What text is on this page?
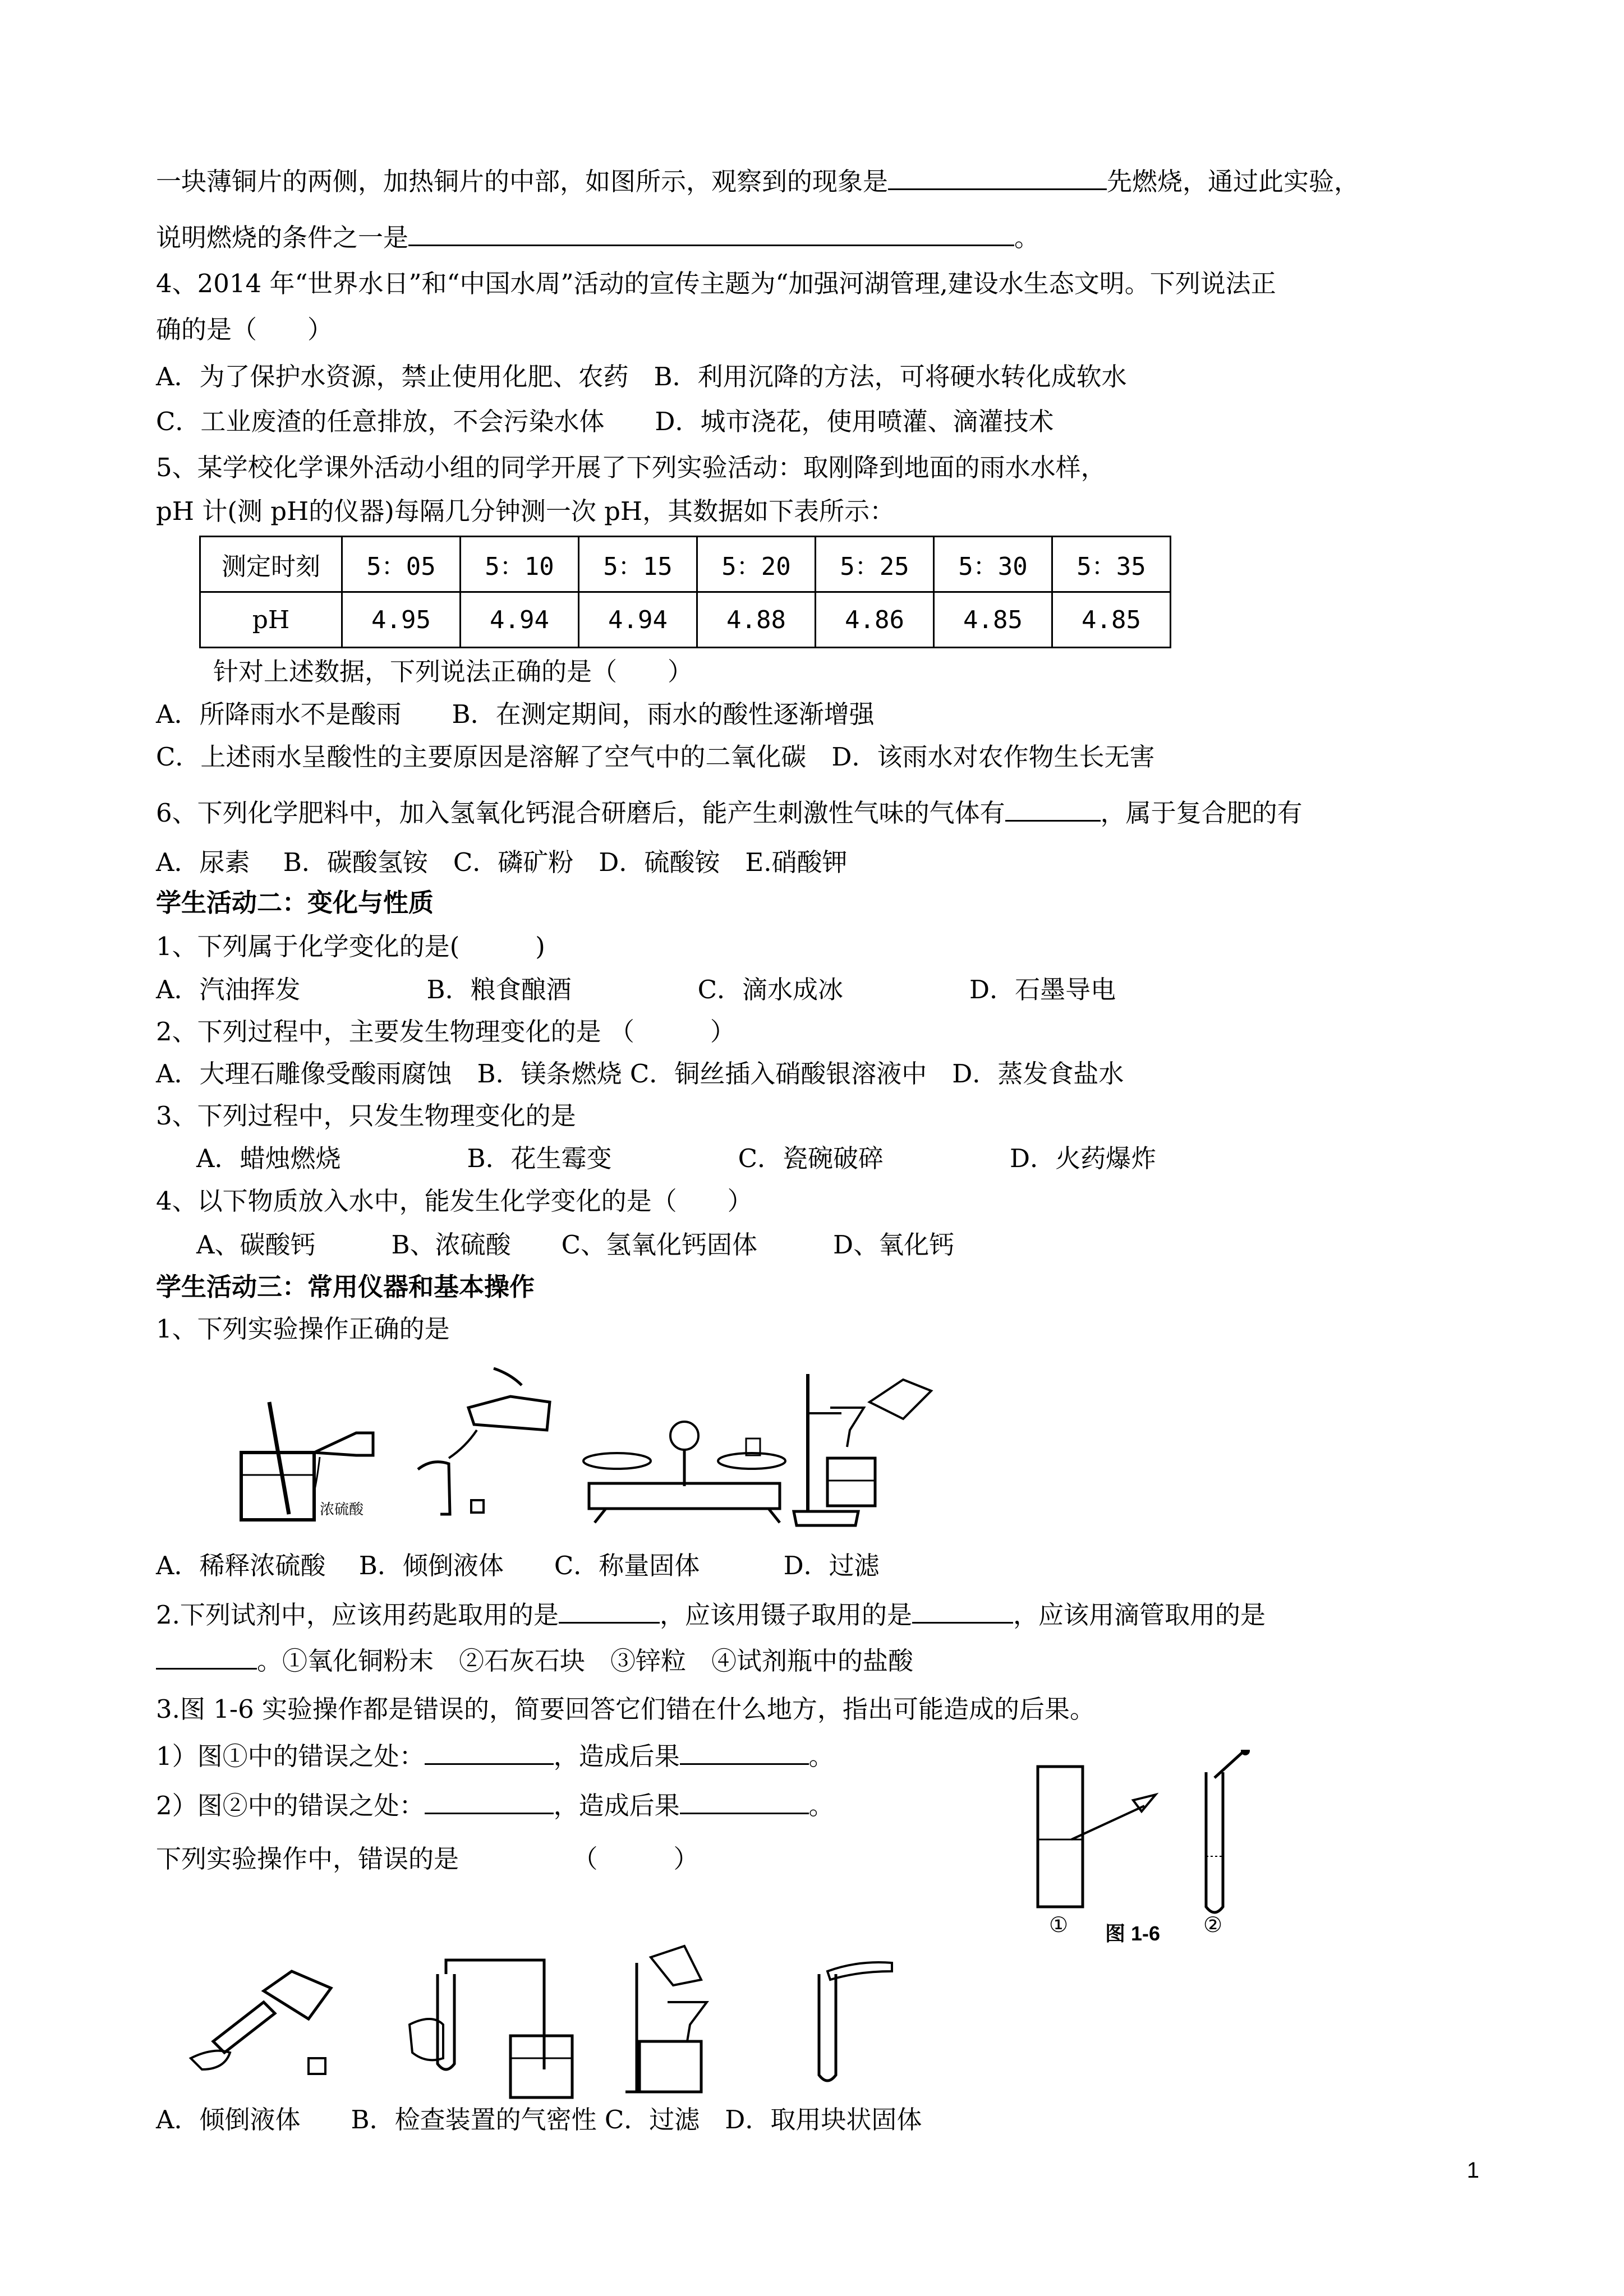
一块薄铜片的两侧，加热铜片的中部，如图所示，观察到的现象是	先燃烧，通过此实验，
说明燃烧的条件之一是	。
4、2014 年“世界水日”和“中国水周”活动的宣传主题为“加强河湖管理,建设水生态文明。下列说法正
确的是（　　）
A．为了保护水资源，禁止使用化肥、农药　B．利用沉降的方法，可将硬水转化成软水
C．工业废渣的任意排放，不会污染水体　　D．城市浇花，使用喷灌、滴灌技术
5、某学校化学课外活动小组的同学开展了下列实验活动：取刚降到地面的雨水水样，
pH 计(测 pH的仪器)每隔几分钟测一次 pH，其数据如下表所示：
测定时刻	5：05	5：10	5：15	5：20	5：25	5：30	5：35
pH	4.95	4.94	4.94	4.88	4.86	4.85	4.85
针对上述数据，下列说法正确的是（　　）
A．所降雨水不是酸雨　　B．在测定期间，雨水的酸性逐渐增强
C．上述雨水呈酸性的主要原因是溶解了空气中的二氧化碳　D．该雨水对农作物生长无害
6、下列化学肥料中，加入氢氧化钙混合研磨后，能产生刺激性气味的气体有	，属于复合肥的有
A．尿素　 B．碳酸氢铵　C．磷矿粉　D．硫酸铵　E.硝酸钾
学生活动二：变化与性质
1、下列属于化学变化的是(　　　)
A．汽油挥发　　　　　B．粮食酿酒　　　　　C．滴水成冰　　　　　D．石墨导电
2、下列过程中，主要发生物理变化的是 （　　　）
A．大理石雕像受酸雨腐蚀　B．镁条燃烧 C．铜丝插入硝酸银溶液中　D．蒸发食盐水
3、下列过程中，只发生物理变化的是
A．蜡烛燃烧　　　　　B．花生霉变　　　　　C．瓷碗破碎　　　　　D．火药爆炸
4、以下物质放入水中，能发生化学变化的是（　　）
A、碳酸钙　　　B、浓硫酸　　C、氢氧化钙固体　　　D、氧化钙
学生活动三：常用仪器和基本操作
1、下列实验操作正确的是
浓硫酸
A．稀释浓硫酸　 B．倾倒液体　　C．称量固体　　　 D．过滤
2.下列试剂中，应该用药匙取用的是	，应该用镊子取用的是	，应该用滴管取用的是
。①氧化铜粉末　②石灰石块　③锌粒　④试剂瓶中的盐酸
3.图 1-6 实验操作都是错误的，简要回答它们错在什么地方，指出可能造成的后果。
1）图①中的错误之处：	，造成后果	。
2）图②中的错误之处：	，造成后果	。
①	②
图 1-6
下列实验操作中，错误的是　　　　　（　　　）
A．倾倒液体　　B．检查装置的气密性 C．过滤　D．取用块状固体
1
